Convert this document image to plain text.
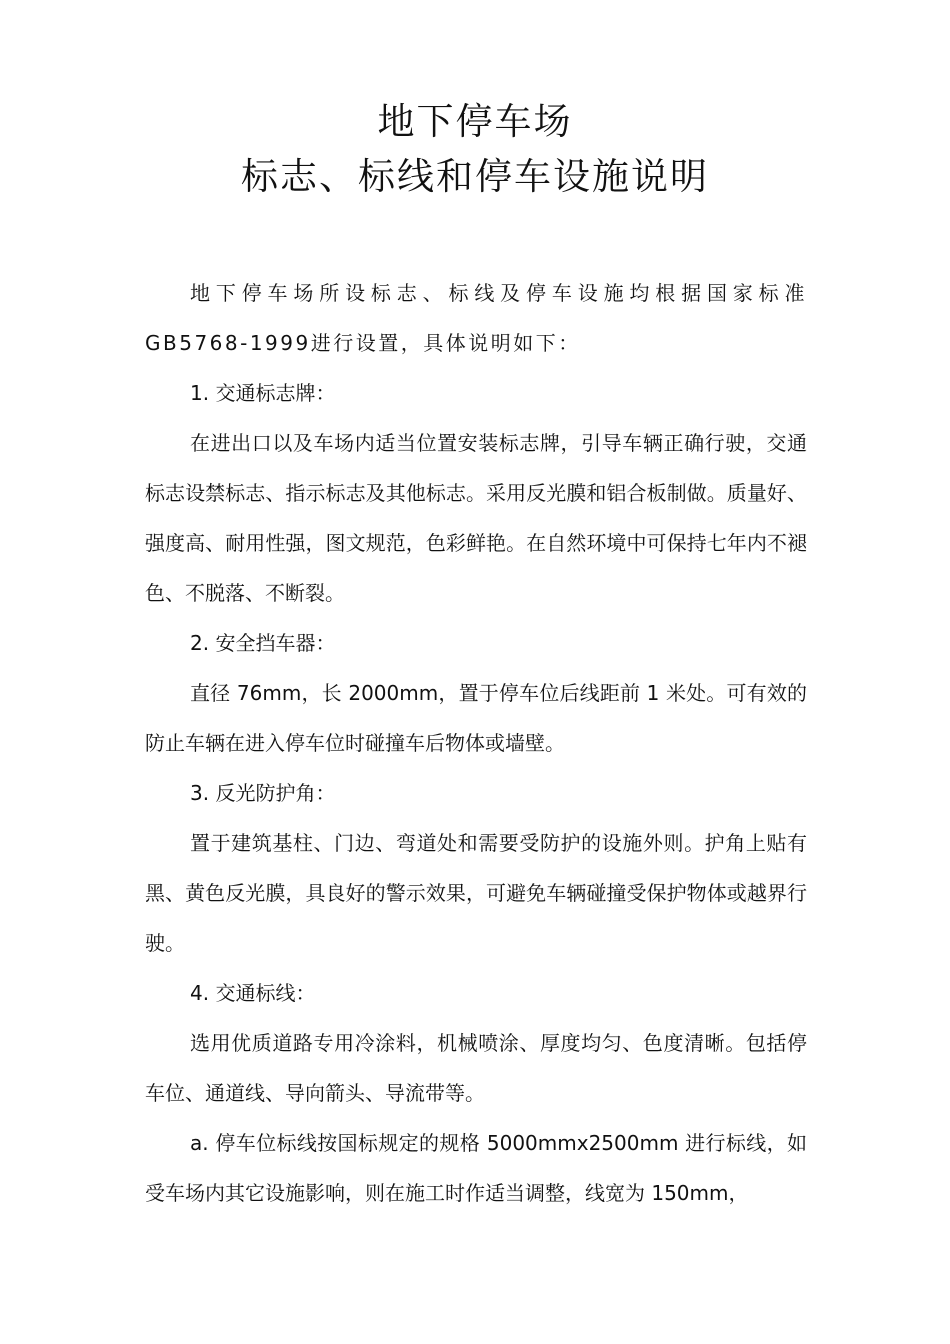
地下停车场
标志、标线和停车设施说明

地下停车场所设标志、标线及停车设施均根据国家标准GB5768-1999进行设置，具体说明如下：

1. 交通标志牌：

在进出口以及车场内适当位置安装标志牌，引导车辆正确行驶，交通标志设禁标志、指示标志及其他标志。采用反光膜和铝合板制做。质量好、强度高、耐用性强，图文规范，色彩鲜艳。在自然环境中可保持七年内不褪色、不脱落、不断裂。

2. 安全挡车器：

直径 76mm，长 2000mm，置于停车位后线距前 1 米处。可有效的防止车辆在进入停车位时碰撞车后物体或墙壁。

3. 反光防护角：

置于建筑基柱、门边、弯道处和需要受防护的设施外则。护角上贴有黑、黄色反光膜，具良好的警示效果，可避免车辆碰撞受保护物体或越界行驶。

4. 交通标线：

选用优质道路专用冷涂料，机械喷涂、厚度均匀、色度清晰。包括停车位、通道线、导向箭头、导流带等。

a. 停车位标线按国标规定的规格 5000mmx2500mm 进行标线，如受车场内其它设施影响，则在施工时作适当调整，线宽为 150mm，
